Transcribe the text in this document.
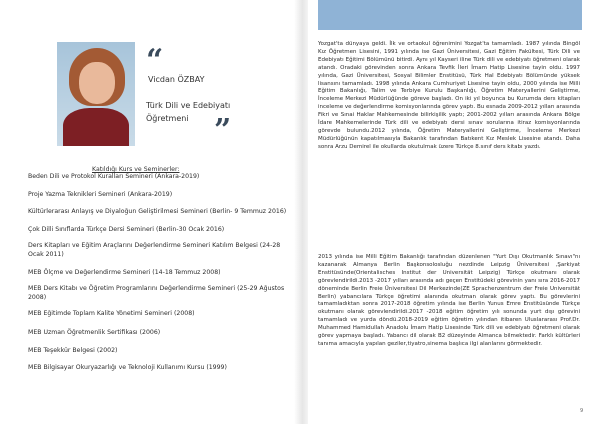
“
Vicdan ÖZBAY
Türk Dili ve Edebiyatı Öğretmeni ”
Katıldığı Kurs ve Seminerler:

Beden Dili ve Protokol Kuralları Semineri (Ankara-2019)

Proje Yazma Teknikleri Semineri (Ankara-2019)

Kültürlerarası Anlayış ve Diyaloğun Geliştirilmesi Semineri (Berlin- 9 Temmuz 2016)

Çok Dilli Sınıflarda Türkçe Dersi Semineri (Berlin-30 Ocak 2016)

Ders Kitapları ve Eğitim Araçlarını Değerlendirme Semineri Katılım Belgesi (24-28 Ocak 2011)

MEB Ölçme ve Değerlendirme Semineri (14-18 Temmuz 2008)

MEB Ders Kitabı ve Öğretim Programlarını Değerlendirme Semineri (25-29 Ağustos 2008)

MEB Eğitimde Toplam Kalite Yönetimi Semineri (2008)

MEB Uzman Öğretmenlik Sertifikası (2006)

MEB Teşekkür Belgesi (2002)

MEB Bilgisayar Okuryazarlığı ve Teknoloji Kullanımı Kursu (1999)

Yozgat'ta dünyaya geldi. İlk ve ortaokul öğrenimini Yozgat'ta tamamladı. 1987 yılında Bingöl Kız Öğretmen Lisesini, 1991 yılında ise Gazi Üniversitesi, Gazi Eğitim Fakültesi, Türk Dili ve Edebiyatı Eğitimi Bölümünü bitirdi. Aynı yıl Kayseri iline Türk dili ve edebiyatı öğretmeni olarak atandı. Oradaki görevinden sonra Ankara Tevfik İleri İmam Hatip Lisesine tayin oldu. 1997 yılında, Gazi Üniversitesi, Sosyal Bilimler Enstitüsü, Türk Hal Edebiyatı Bölümünde yüksek lisansını tamamladı. 1998 yılında Ankara Cumhuriyet Lisesine tayin oldu, 2000 yılında ise Milli Eğitim Bakanlığı, Talim ve Terbiye Kurulu Başkanlığı, Öğretim Materyallerini Geliştirme, İnceleme Merkezi Müdürlüğünde göreve başladı. On iki yıl boyunca bu Kurumda ders kitapları inceleme ve değerlendirme komisyonlarında görev yaptı. Bu esnada 2009-2012 yılları arasında Fikri ve Sınai Haklar Mahkemesinde bilirkişilik yaptı; 2001-2002 yılları arasında Ankara Bölge İdare Mahkemelerinde Türk dili ve edebiyatı dersi sınav sorularına itiraz komisyonlarında görevde bulundu.2012 yılında, Öğretim Materyallerini Geliştirme, İnceleme Merkezi Müdürlüğünün kapatılmasıyla Bakanlık tarafından Batıkent Kız Meslek Lisesine atandı. Daha sonra Arzu Demirel ile okullarda okutulmak üzere Türkçe 8.sınıf ders kitabı yazdı.

2013 yılında ise Milli Eğitim Bakanlığı tarafından düzenlenen "Yurt Dışı Okutmanlık Sınavı"nı kazanarak Almanya Berlin Başkonsolosluğu nezdinde Leipzig Üniversitesi ,Şarkiyat Enstitüsünde(Orientalisches Institut der Universität Leipzig) Türkçe okutmanı olarak görevlendirildi.2013 -2017 yılları arasında adı geçen Enstitüdeki görevinin yanı sıra 2016-2017 döneminde Berlin Freie Üniversitesi Dil Merkezinde(ZE Sprachenzentrum der Freie Universität Berlin) yabancılara Türkçe öğretimi alanında okutman olarak görev yaptı. Bu görevlerini tamamladıktan sonra 2017-2018 öğretim yılında ise Berlin Yunus Emre Enstitüsünde Türkçe okutmanı olarak görevlendirildi.2017 -2018 eğitim öğretim yılı sonunda yurt dışı görevini tamamladı ve yurda döndü.2018-2019 eğitim öğretim yılından itibaren Uluslararası Prof.Dr. Muhammed Hamidullah Anadolu İmam Hatip Lisesinde Türk dili ve edebiyatı öğretmeni olarak görev yapmaya başladı. Yabancı dil olarak B2 düzeyinde Almanca bilmektedir. Farklı kültürleri tanıma amacıyla yapılan geziler,tiyatro,sinema başlıca ilgi alanlarını görmektedir.

9
